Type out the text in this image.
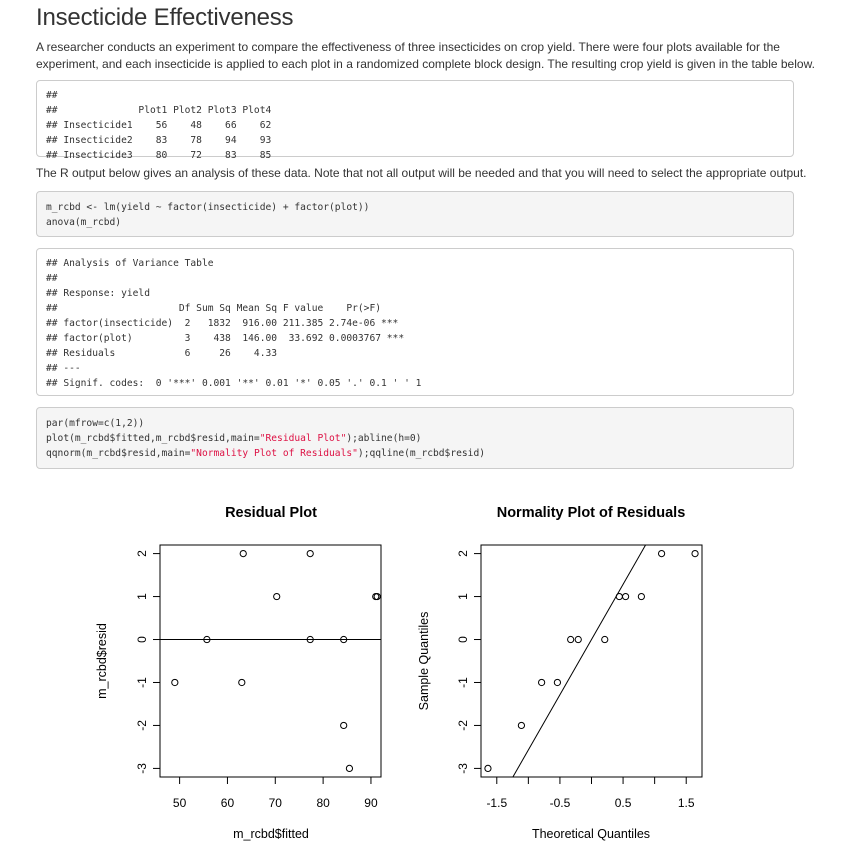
Insecticide Effectiveness

A researcher conducts an experiment to compare the effectiveness of three insecticides on crop yield. There were four plots available for the experiment, and each insecticide is applied to each plot in a randomized complete block design. The resulting crop yield is given in the table below.

##
##              Plot1 Plot2 Plot3 Plot4
## Insecticide1    56    48    66    62
## Insecticide2    83    78    94    93
## Insecticide3    80    72    83    85

The R output below gives an analysis of these data. Note that not all output will be needed and that you will need to select the appropriate output.

m_rcbd <- lm(yield ~ factor(insecticide) + factor(plot))
anova(m_rcbd)
## Analysis of Variance Table
##
## Response: yield
##                     Df Sum Sq Mean Sq F value    Pr(>F)
## factor(insecticide)  2   1832  916.00 211.385 2.74e-06 ***
## factor(plot)         3    438  146.00  33.692 0.0003767 ***
## Residuals            6     26    4.33
## ---
## Signif. codes:  0 '***' 0.001 '**' 0.01 '*' 0.05 '.' 0.1 ' ' 1
par(mfrow=c(1,2))
plot(m_rcbd$fitted,m_rcbd$resid,main="Residual Plot");abline(h=0)
qqnorm(m_rcbd$resid,main="Normality Plot of Residuals");qqline(m_rcbd$resid)
Residual Plot
50	60	70	80	90
-3
-2
-1
0
1
2
m_rcbd$fitted
m_rcbd$resid
Normality Plot of Residuals
-1.5	-0.5	0.5	1.5
-3
-2
-1
0
1
2
Theoretical Quantiles
Sample Quantiles
